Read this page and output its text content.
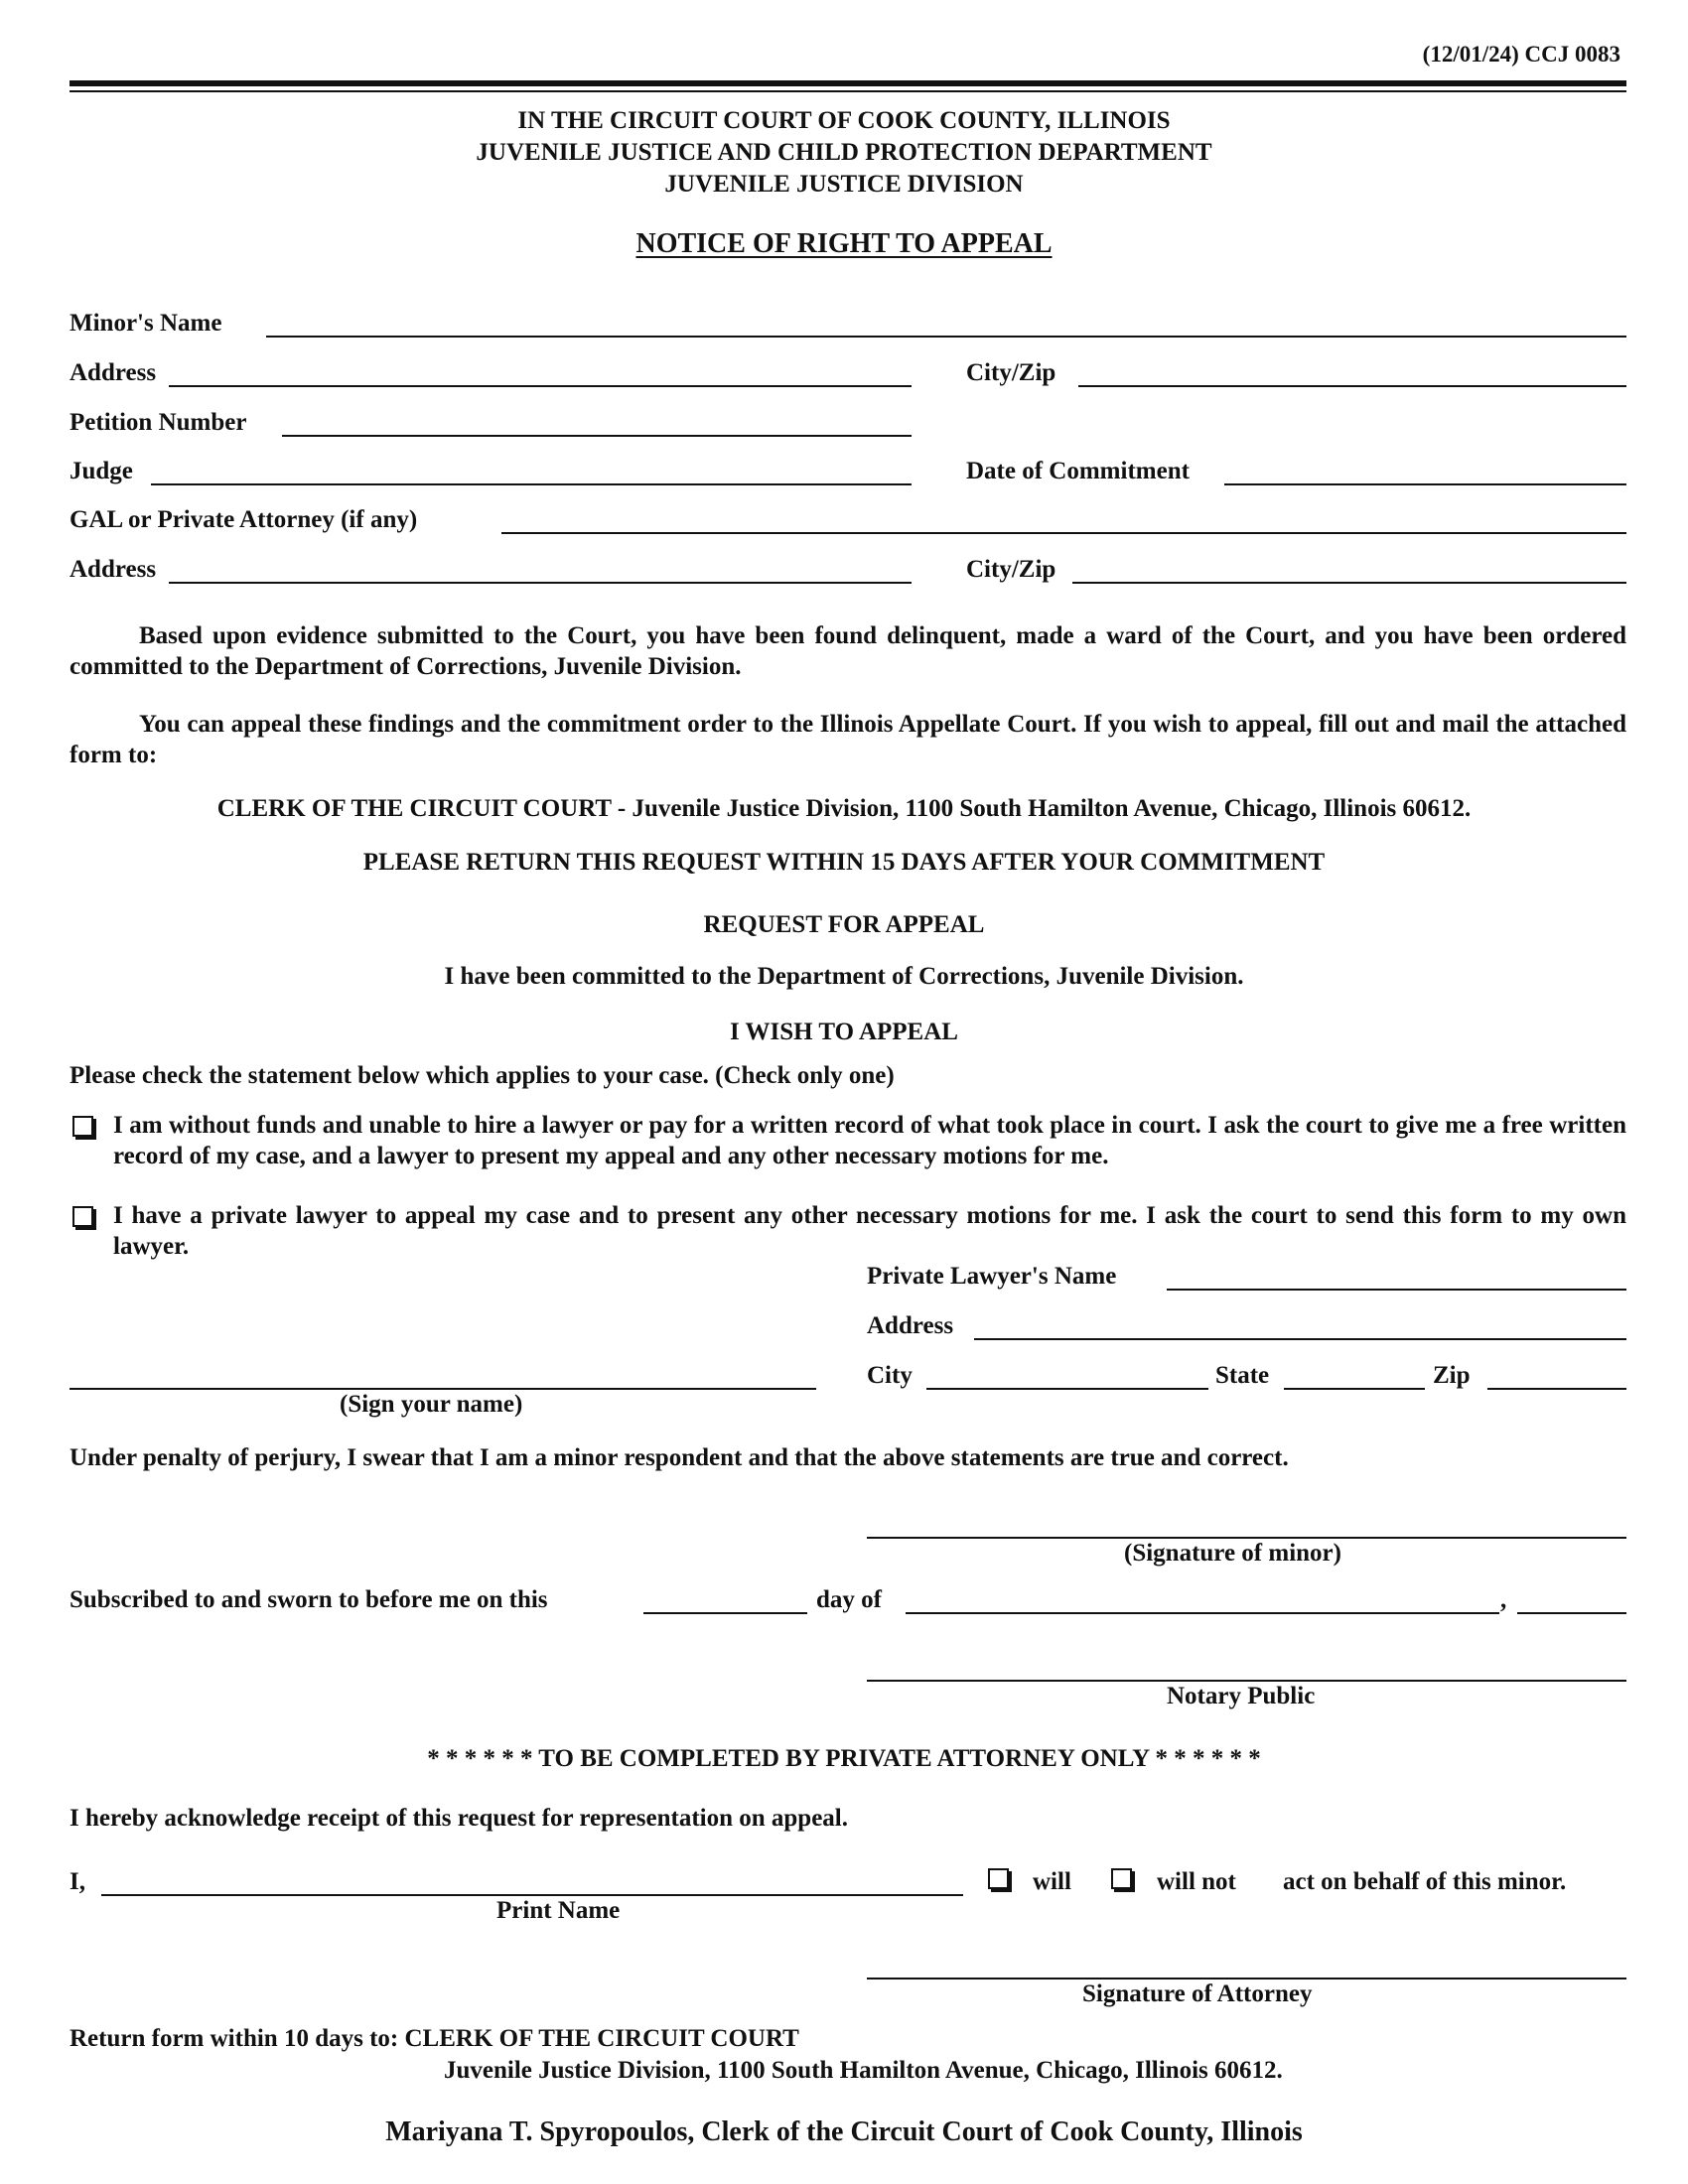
(12/01/24) CCJ 0083
IN THE CIRCUIT COURT OF COOK COUNTY, ILLINOIS
JUVENILE JUSTICE AND CHILD PROTECTION DEPARTMENT
JUVENILE JUSTICE DIVISION
NOTICE OF RIGHT TO APPEAL
Minor's Name
Address	City/Zip
Petition Number
Judge	Date of Commitment
GAL or Private Attorney (if any)
Address	City/Zip

Based upon evidence submitted to the Court, you have been found delinquent, made a ward of the Court, and you have been ordered committed to the Department of Corrections, Juvenile Division.

You can appeal these findings and the commitment order to the Illinois Appellate Court. If you wish to appeal, fill out and mail the attached form to:

CLERK OF THE CIRCUIT COURT - Juvenile Justice Division, 1100 South Hamilton Avenue, Chicago, Illinois 60612.
PLEASE RETURN THIS REQUEST WITHIN 15 DAYS AFTER YOUR COMMITMENT
REQUEST FOR APPEAL
I have been committed to the Department of Corrections, Juvenile Division.
I WISH TO APPEAL
Please check the statement below which applies to your case. (Check only one)

I am without funds and unable to hire a lawyer or pay for a written record of what took place in court. I ask the court to give me a free written record of my case, and a lawyer to present my appeal and any other necessary motions for me.

I have a private lawyer to appeal my case and to present any other necessary motions for me. I ask the court to send this form to my own lawyer.

Private Lawyer's Name
Address
City	State	Zip
(Sign your name)
Under penalty of perjury, I swear that I am a minor respondent and that the above statements are true and correct.
(Signature of minor)
Subscribed to and sworn to before me on this	day of	,
Notary Public
* * * * * * TO BE COMPLETED BY PRIVATE ATTORNEY ONLY * * * * * *
I hereby acknowledge receipt of this request for representation on appeal.
I,
Print Name
will	will not act on behalf of this minor.
Signature of Attorney
Return form within 10 days to: CLERK OF THE CIRCUIT COURT
Juvenile Justice Division, 1100 South Hamilton Avenue, Chicago, Illinois 60612.
Mariyana T. Spyropoulos, Clerk of the Circuit Court of Cook County, Illinois
